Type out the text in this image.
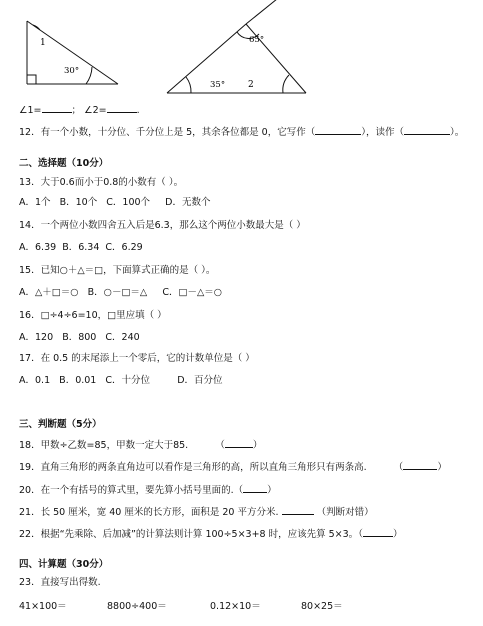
1
30°
65°
35°	2
∠1=	； ∠2=	.
12．有一个小数，十分位、千分位上是 5，其余各位都是 0，它写作（	），读作（	）。
二、选择题（10分）
13．大于0.6而小于0.8的小数有（ ）。
A．1个 B．10个 C．100个 D．无数个
14．一个两位小数四舍五入后是6.3，那么这个两位小数最大是（ ）
A．6.39 B．6.34 C．6.29
15．已知○＋△＝□，下面算式正确的是（ ）。
A．△＋□＝○ B．○－□＝△ C．□－△＝○
16．□÷4÷6=10，□里应填（ ）
A．120 B．800 C．240
17．在 0.5 的末尾添上一个零后，它的计数单位是（ ）
A．0.1 B．0.01 C．十分位	D．百分位
三、判断题（5分）
18．甲数÷乙数=85，甲数一定大于85.	（	）
19．直角三角形的两条直角边可以看作是三角形的高，所以直角三角形只有两条高.	（	）
20．在一个有括号的算式里，要先算小括号里面的.（	）
21．长 50 厘米，宽 40 厘米的长方形，面积是 20 平方分米.	（判断对错）
22．根据“先乘除、后加减”的计算法则计算 100÷5×3+8 时，应该先算 5×3。（	）
四、计算题（30分）
23．直接写出得数.
41×100＝	8800÷400＝	0.12×10＝	80×25＝
